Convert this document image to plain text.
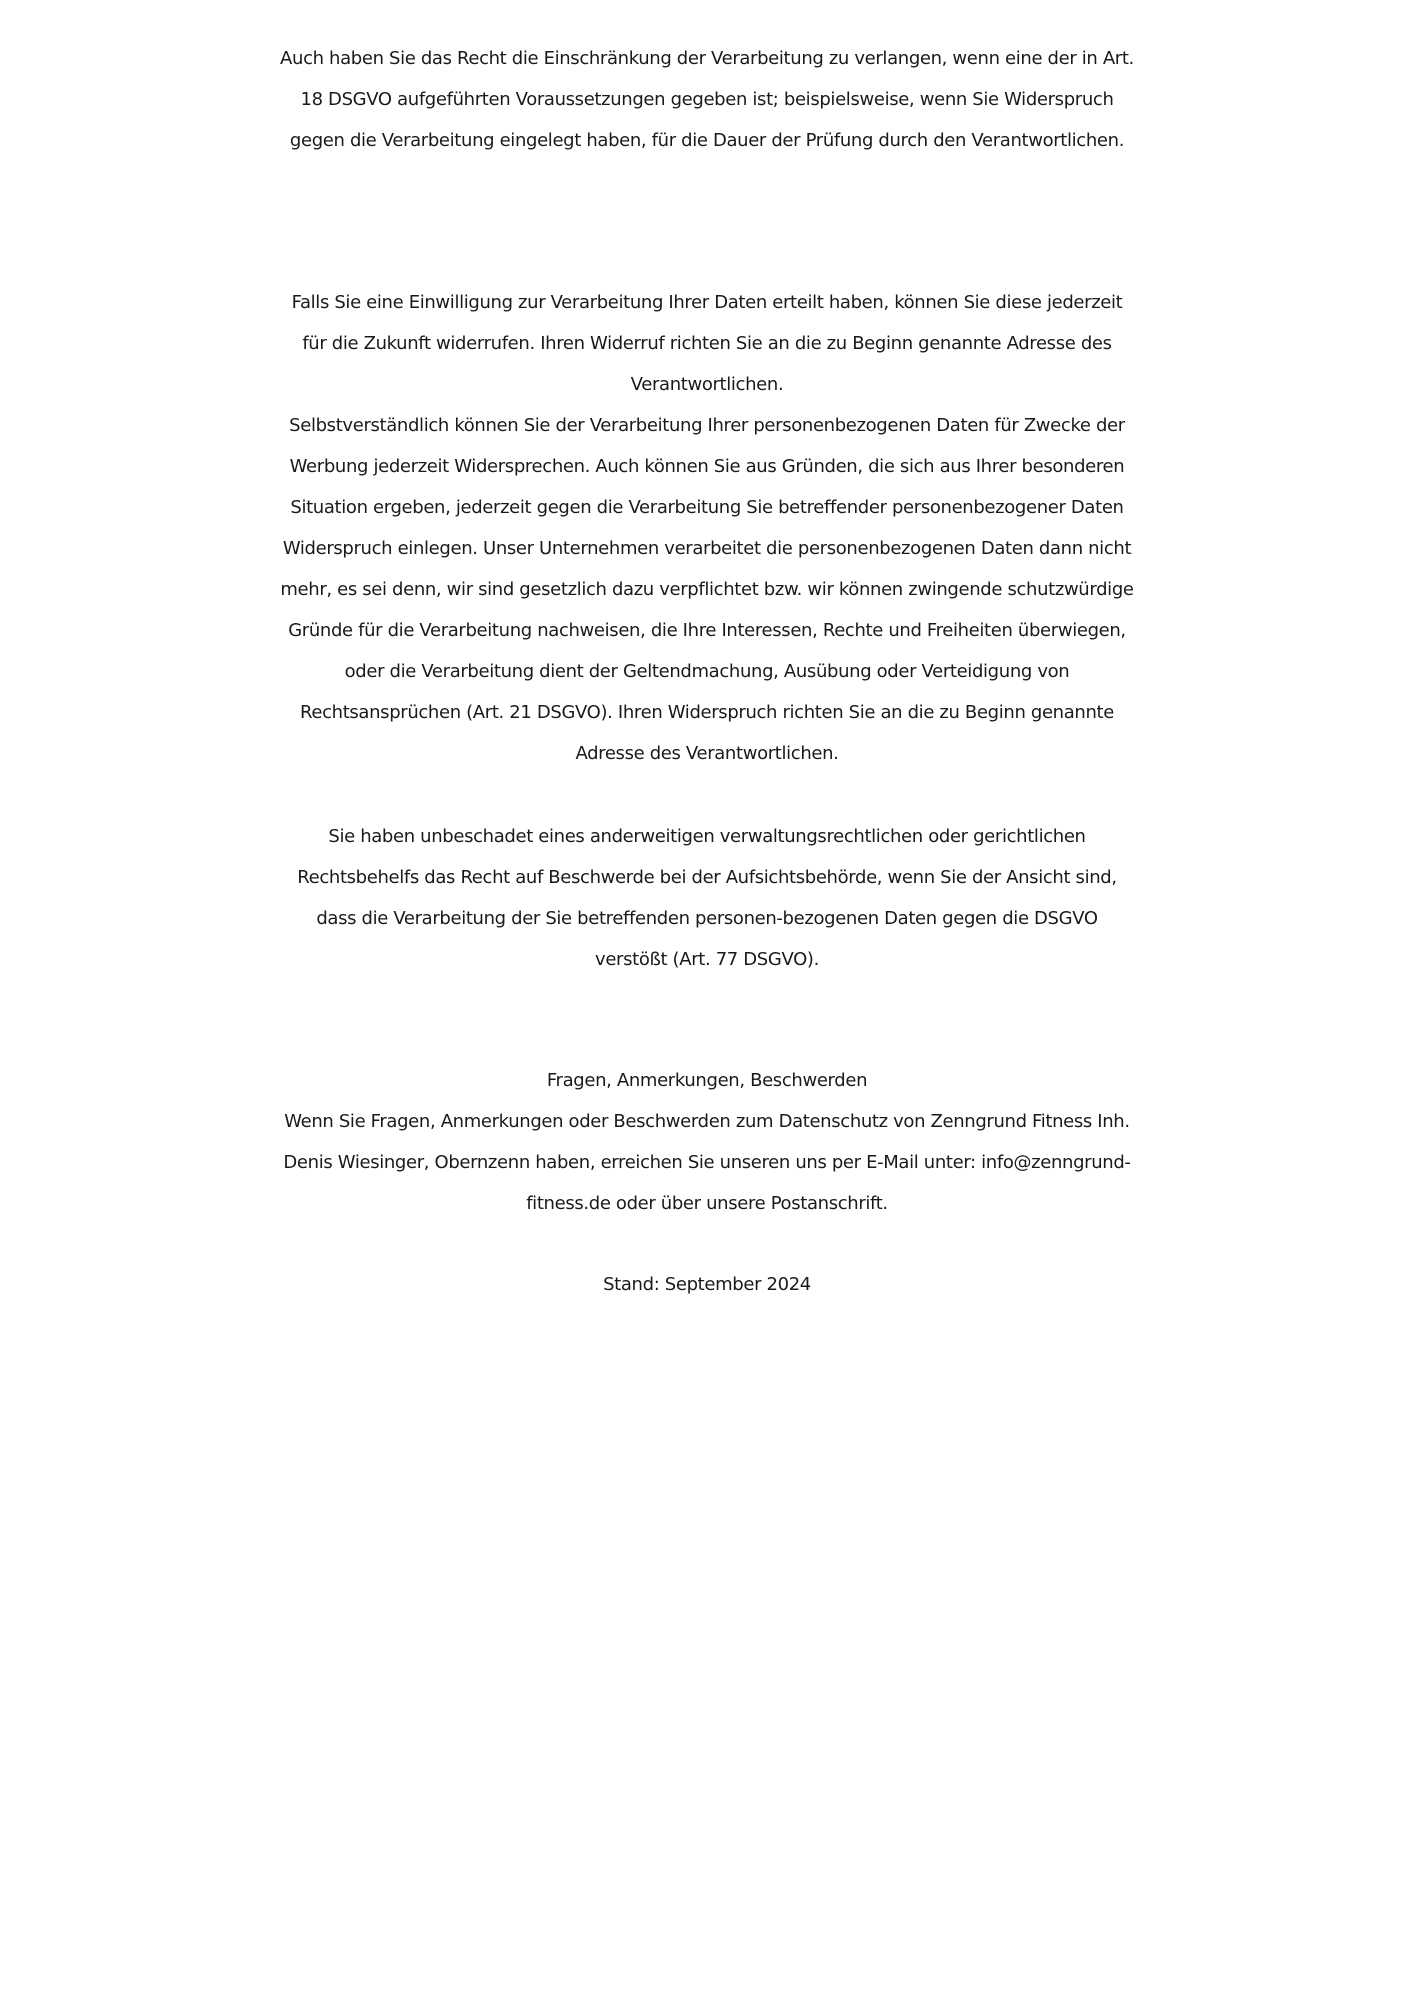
Auch haben Sie das Recht die Einschränkung der Verarbeitung zu verlangen, wenn eine der in Art.
18 DSGVO aufgeführten Voraussetzungen gegeben ist; beispielsweise, wenn Sie Widerspruch
gegen die Verarbeitung eingelegt haben, für die Dauer der Prüfung durch den Verantwortlichen.
Falls Sie eine Einwilligung zur Verarbeitung Ihrer Daten erteilt haben, können Sie diese jederzeit
für die Zukunft widerrufen. Ihren Widerruf richten Sie an die zu Beginn genannte Adresse des
Verantwortlichen.
Selbstverständlich können Sie der Verarbeitung Ihrer personenbezogenen Daten für Zwecke der
Werbung jederzeit Widersprechen. Auch können Sie aus Gründen, die sich aus Ihrer besonderen
Situation ergeben, jederzeit gegen die Verarbeitung Sie betreffender personenbezogener Daten
Widerspruch einlegen. Unser Unternehmen verarbeitet die personenbezogenen Daten dann nicht
mehr, es sei denn, wir sind gesetzlich dazu verpflichtet bzw. wir können zwingende schutzwürdige
Gründe für die Verarbeitung nachweisen, die Ihre Interessen, Rechte und Freiheiten überwiegen,
oder die Verarbeitung dient der Geltendmachung, Ausübung oder Verteidigung von
Rechtsansprüchen (Art. 21 DSGVO). Ihren Widerspruch richten Sie an die zu Beginn genannte
Adresse des Verantwortlichen.
Sie haben unbeschadet eines anderweitigen verwaltungsrechtlichen oder gerichtlichen
Rechtsbehelfs das Recht auf Beschwerde bei der Aufsichtsbehörde, wenn Sie der Ansicht sind,
dass die Verarbeitung der Sie betreffenden personen-bezogenen Daten gegen die DSGVO
verstößt (Art. 77 DSGVO).
Fragen, Anmerkungen, Beschwerden
Wenn Sie Fragen, Anmerkungen oder Beschwerden zum Datenschutz von Zenngrund Fitness Inh.
Denis Wiesinger, Obernzenn haben, erreichen Sie unseren uns per E-Mail unter: info@zenngrund-
fitness.de oder über unsere Postanschrift.
Stand: September 2024
